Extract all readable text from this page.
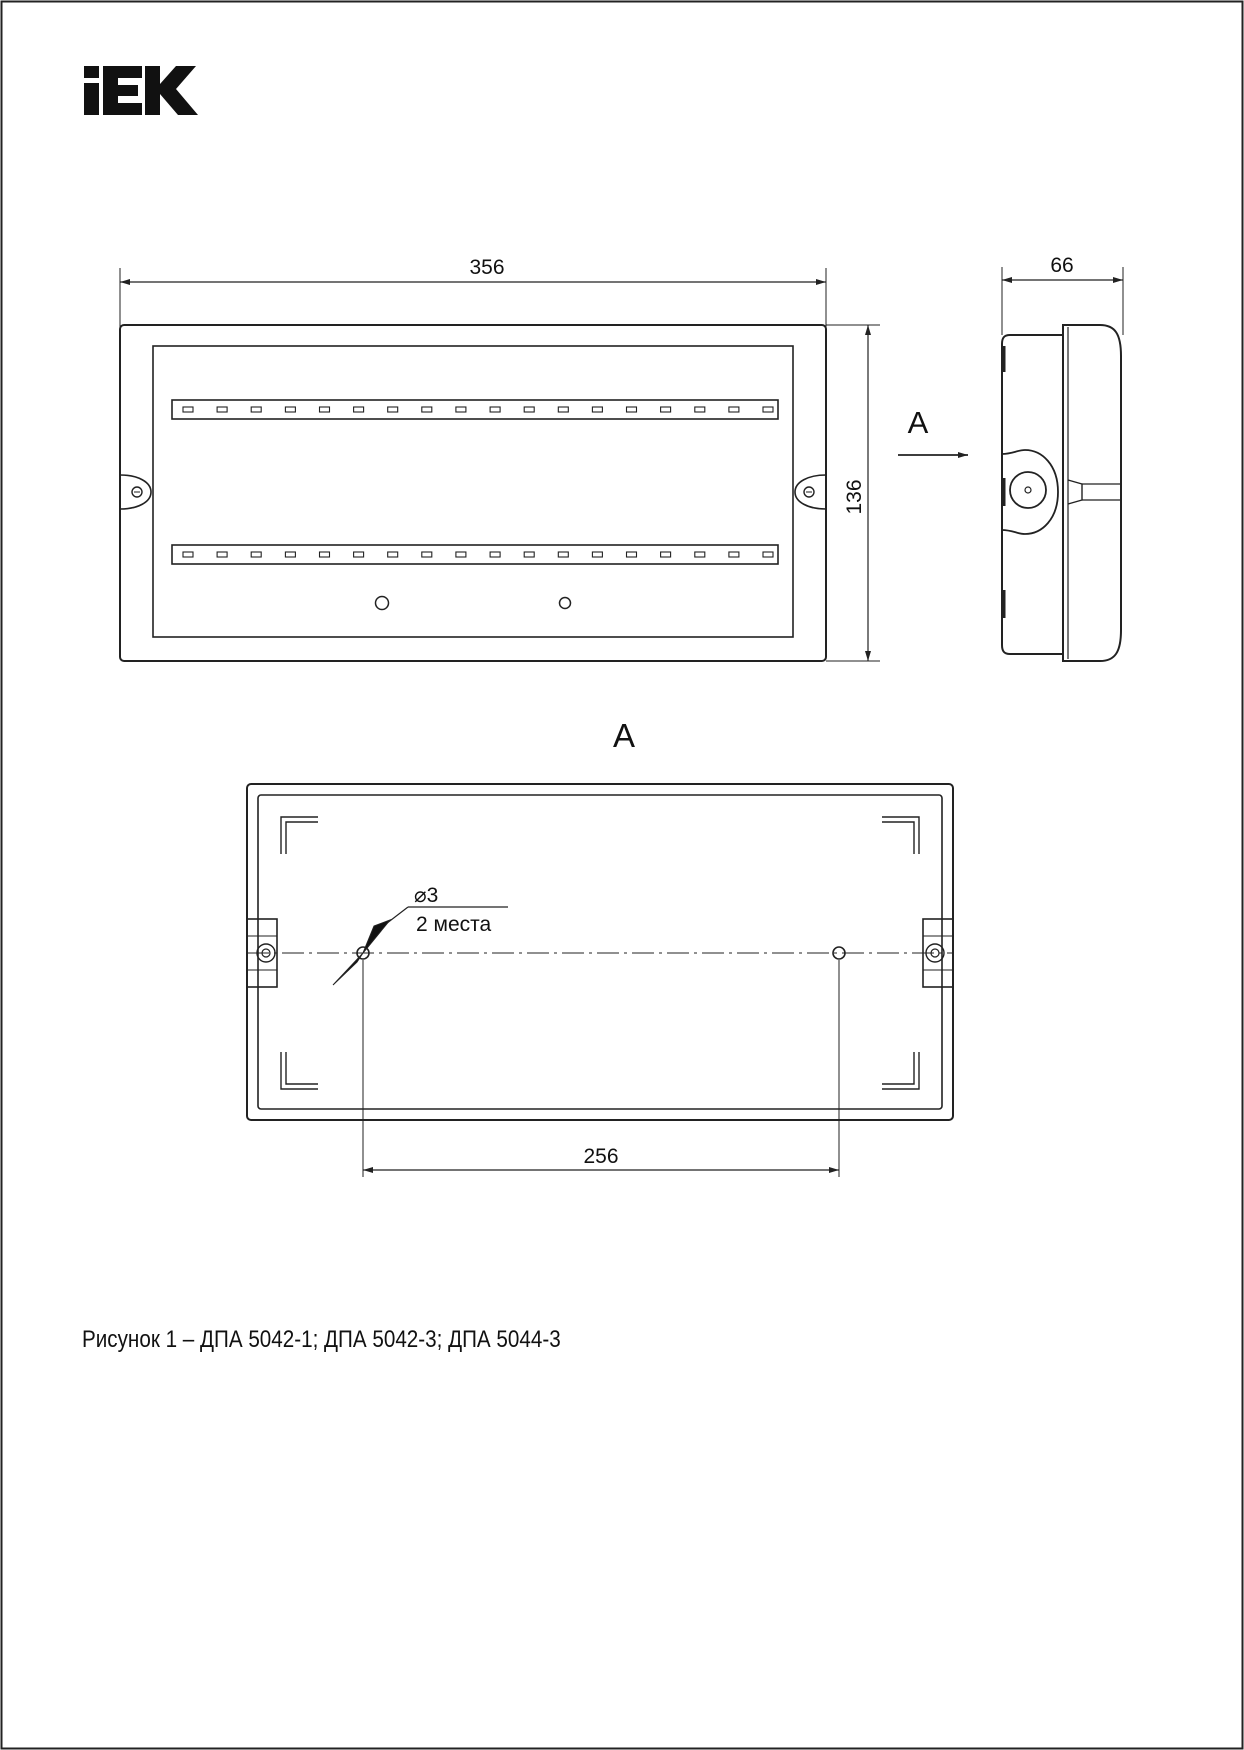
356
136
A
66
A
⌀3
2 места
256
Рисунок 1 – ДПА 5042-1; ДПА 5042-3; ДПА 5044-3
